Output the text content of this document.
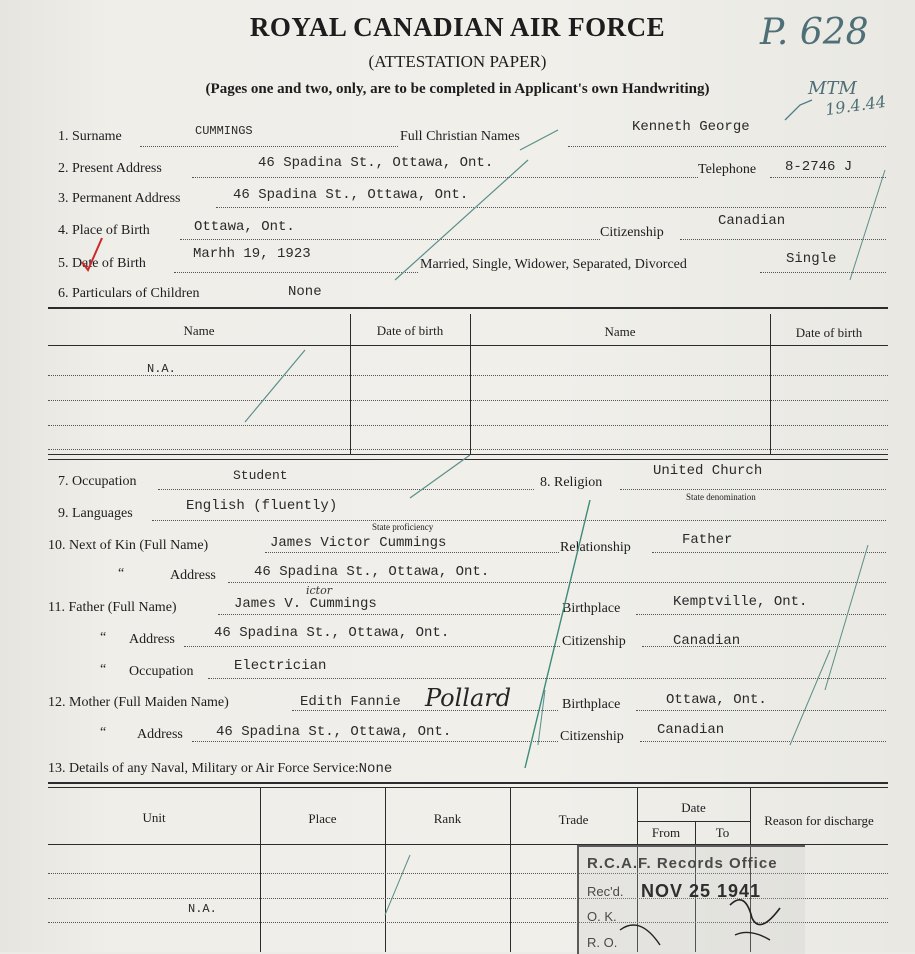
ROYAL CANADIAN AIR FORCE
(ATTESTATION PAPER)
(Pages one and two, only, are to be completed in Applicant's own Handwriting)
P. 628
MTM
19.4.44
1. Surname	CUMMINGS	Full Christian Names
Kenneth George
2. Present Address	46 Spadina St., Ottawa, Ont.	Telephone 8-2746 J
3. Permanent Address	46 Spadina St., Ottawa, Ont.
4. Place of Birth	Ottawa, Ont.	Citizenship
Canadian
5. Date of Birth
Marhh 19, 1923
Married, Single, Widower, Separated, Divorced	Single
6. Particulars of Children	None
Name	Date of birth	Name	Date of birth
N.A.
7. Occupation	Student	8. Religion
United Church
State denomination
9. Languages	English (fluently)
State proficiency
10. Next of Kin (Full Name)	James Victor Cummings	Relationship	Father
“	Address	46 Spadina St., Ottawa, Ont.
11. Father (Full Name)	James V. Cummings
ictor
Birthplace	Kemptville, Ont.
“ Address	46 Spadina St., Ottawa, Ont.
Citizenship	Canadian
“ Occupation	Electrician
12. Mother (Full Maiden Name)	Edith Fannie Pollard	Birthplace	Ottawa, Ont.
“ Address 46 Spadina St., Ottawa, Ont.	Citizenship Canadian
13. Details of any Naval, Military or Air Force Service:None
Unit	Place	Rank	Trade
Date
From	To
Reason for discharge
N.A.
R.C.A.F. Records Office
Rec'd. NOV 25 1941
O. K.
R. O.
